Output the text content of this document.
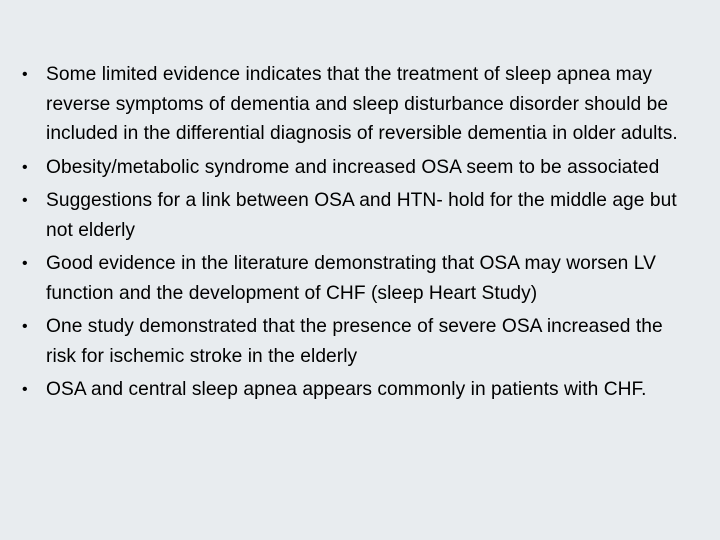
• Some limited evidence indicates that the treatment of sleep apnea may reverse symptoms of dementia and sleep disturbance disorder should be included in the differential diagnosis of reversible dementia in older adults.
• Obesity/metabolic syndrome and increased OSA seem to be associated
• Suggestions for a link between OSA and HTN- hold for the middle age but not elderly
• Good evidence in the literature demonstrating that OSA may worsen LV function and the development of CHF (sleep Heart Study)
• One study demonstrated that the presence of severe OSA increased the risk for ischemic stroke in the elderly
• OSA and central sleep apnea appears commonly in patients with CHF.
